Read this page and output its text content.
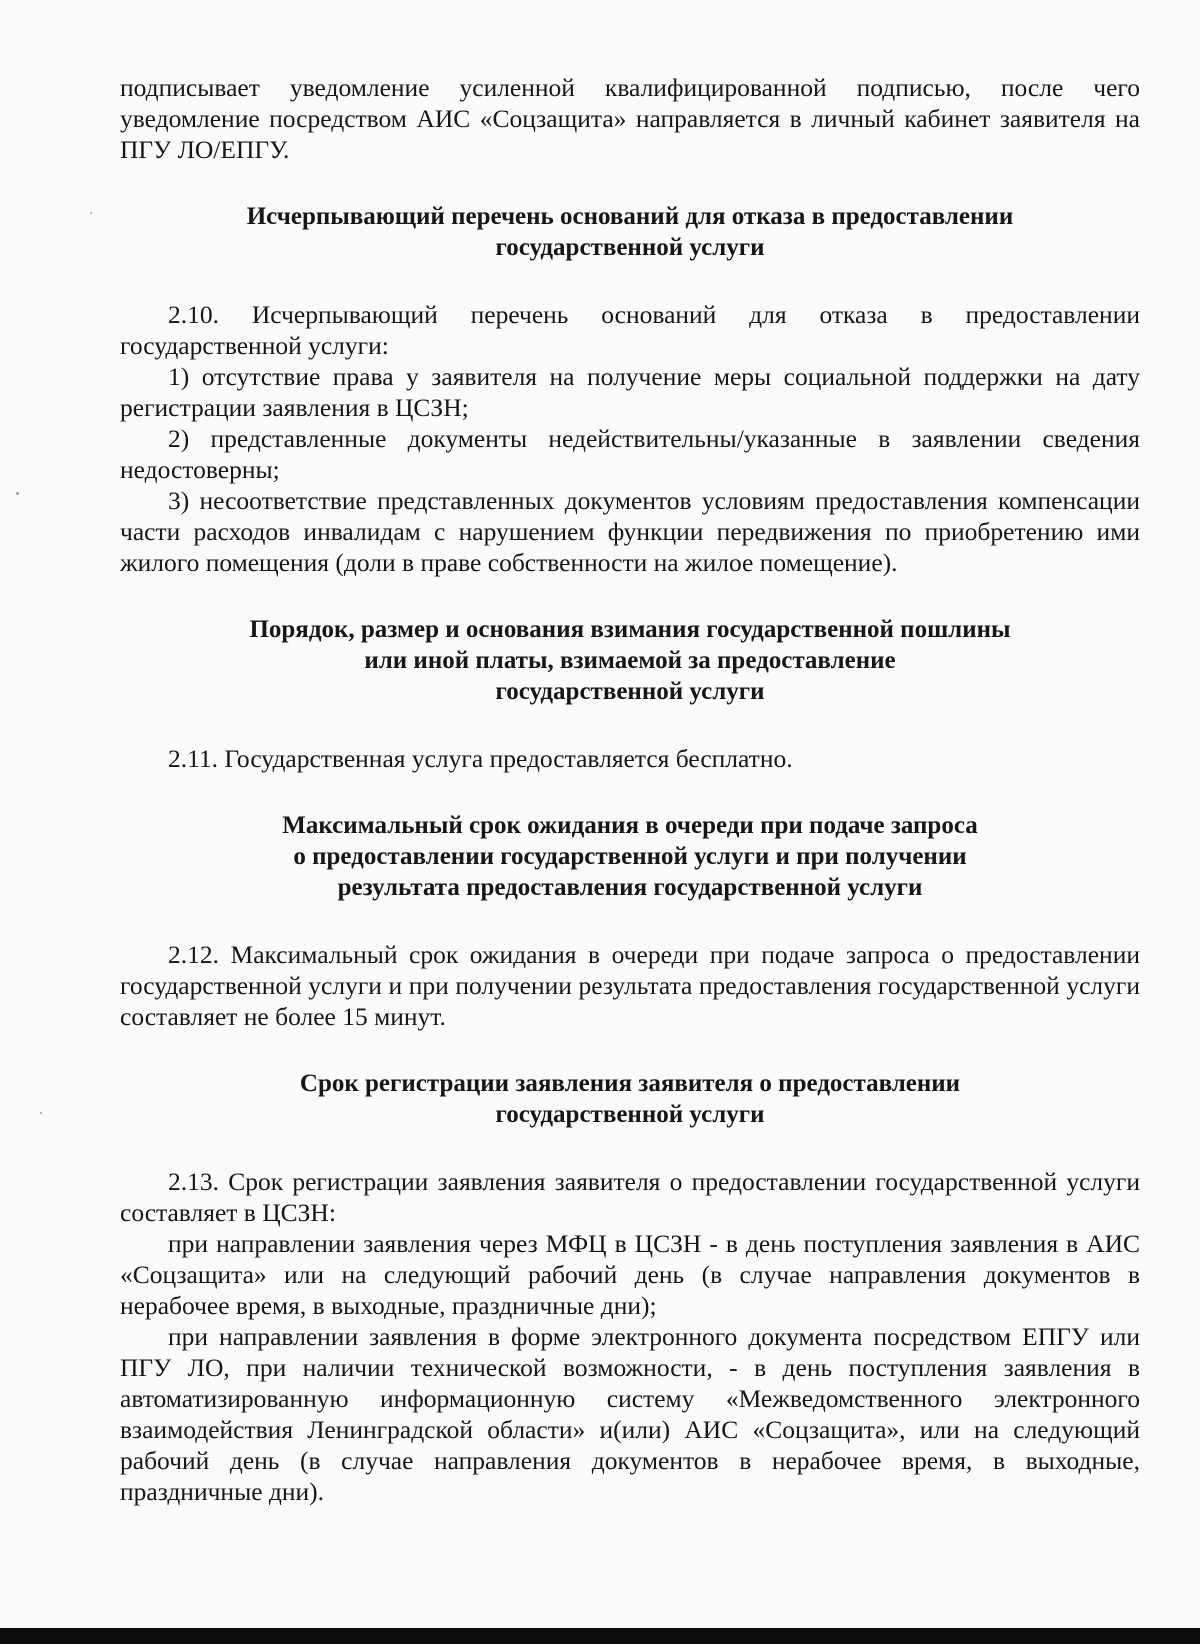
подписывает уведомление усиленной квалифицированной подписью, после чего уведомление посредством АИС «Соцзащита» направляется в личный кабинет заявителя на ПГУ ЛО/ЕПГУ.

Исчерпывающий перечень оснований для отказа в предоставлении
государственной услуги

2.10. Исчерпывающий перечень оснований для отказа в предоставлении государственной услуги:

1) отсутствие права у заявителя на получение меры социальной поддержки на дату регистрации заявления в ЦСЗН;

2) представленные документы недействительны/указанные в заявлении сведения недостоверны;

3) несоответствие представленных документов условиям предоставления компенсации части расходов инвалидам с нарушением функции передвижения по приобретению ими жилого помещения (доли в праве собственности на жилое помещение).

Порядок, размер и основания взимания государственной пошлины
или иной платы, взимаемой за предоставление
государственной услуги

2.11. Государственная услуга предоставляется бесплатно.

Максимальный срок ожидания в очереди при подаче запроса
о предоставлении государственной услуги и при получении
результата предоставления государственной услуги

2.12. Максимальный срок ожидания в очереди при подаче запроса о предоставлении государственной услуги и при получении результата предоставления государственной услуги составляет не более 15 минут.

Срок регистрации заявления заявителя о предоставлении
государственной услуги

2.13. Срок регистрации заявления заявителя о предоставлении государственной услуги составляет в ЦСЗН:

при направлении заявления через МФЦ в ЦСЗН - в день поступления заявления в АИС «Соцзащита» или на следующий рабочий день (в случае направления документов в нерабочее время, в выходные, праздничные дни);

при направлении заявления в форме электронного документа посредством ЕПГУ или ПГУ ЛО, при наличии технической возможности, - в день поступления заявления в автоматизированную информационную систему «Межведомственного электронного взаимодействия Ленинградской области» и(или) АИС «Соцзащита», или на следующий рабочий день (в случае направления документов в нерабочее время, в выходные, праздничные дни).
